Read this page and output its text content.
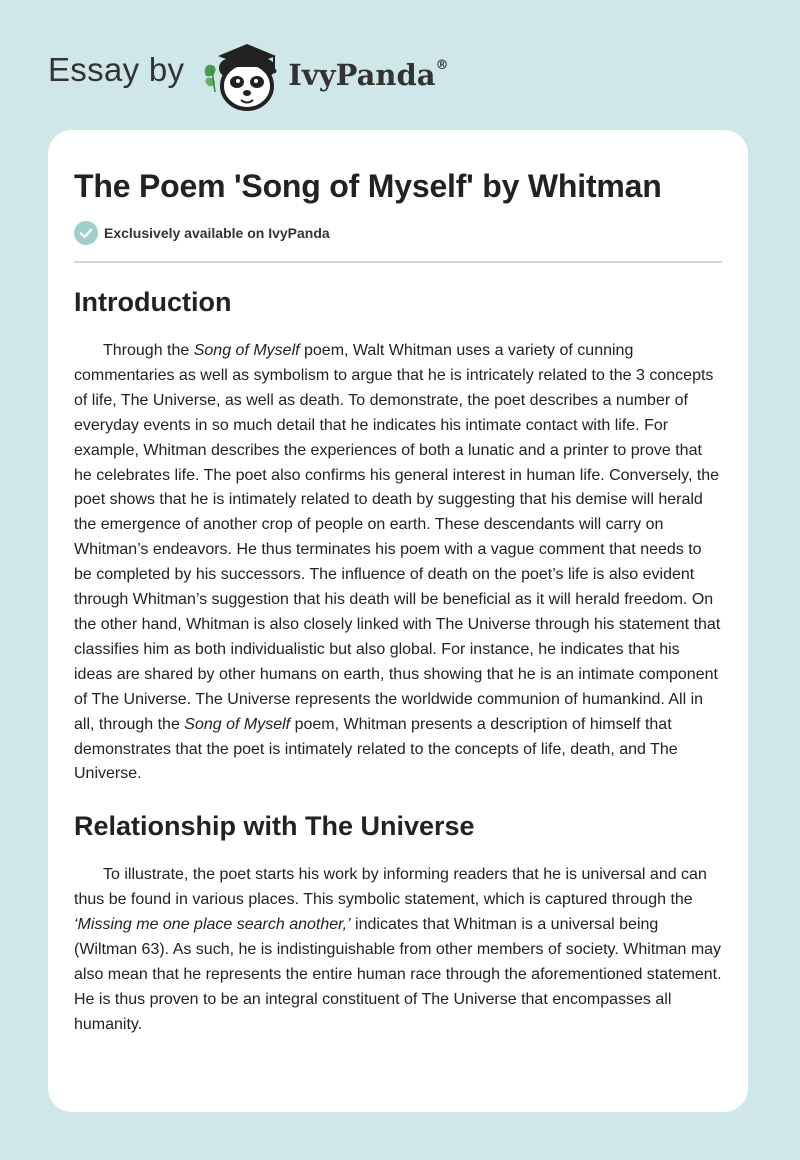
Essay by	IvyPanda®
The Poem 'Song of Myself' by Whitman
Exclusively available on IvyPanda
Introduction

Through the Song of Myself poem, Walt Whitman uses a variety of cunning commentaries as well as symbolism to argue that he is intricately related to the 3 concepts of life, The Universe, as well as death. To demonstrate, the poet describes a number of everyday events in so much detail that he indicates his intimate contact with life. For example, Whitman describes the experiences of both a lunatic and a printer to prove that he celebrates life. The poet also confirms his general interest in human life. Conversely, the poet shows that he is intimately related to death by suggesting that his demise will herald the emergence of another crop of people on earth. These descendants will carry on Whitman’s endeavors. He thus terminates his poem with a vague comment that needs to be completed by his successors. The influence of death on the poet’s life is also evident through Whitman’s suggestion that his death will be beneficial as it will herald freedom. On the other hand, Whitman is also closely linked with The Universe through his statement that classifies him as both individualistic but also global. For instance, he indicates that his ideas are shared by other humans on earth, thus showing that he is an intimate component of The Universe. The Universe represents the worldwide communion of humankind. All in all, through the Song of Myself poem, Whitman presents a description of himself that demonstrates that the poet is intimately related to the concepts of life, death, and The Universe.

Relationship with The Universe

To illustrate, the poet starts his work by informing readers that he is universal and can thus be found in various places. This symbolic statement, which is captured through the ‘Missing me one place search another,’ indicates that Whitman is a universal being (Wiltman 63). As such, he is indistinguishable from other members of society. Whitman may also mean that he represents the entire human race through the aforementioned statement. He is thus proven to be an integral constituent of The Universe that encompasses all humanity.
